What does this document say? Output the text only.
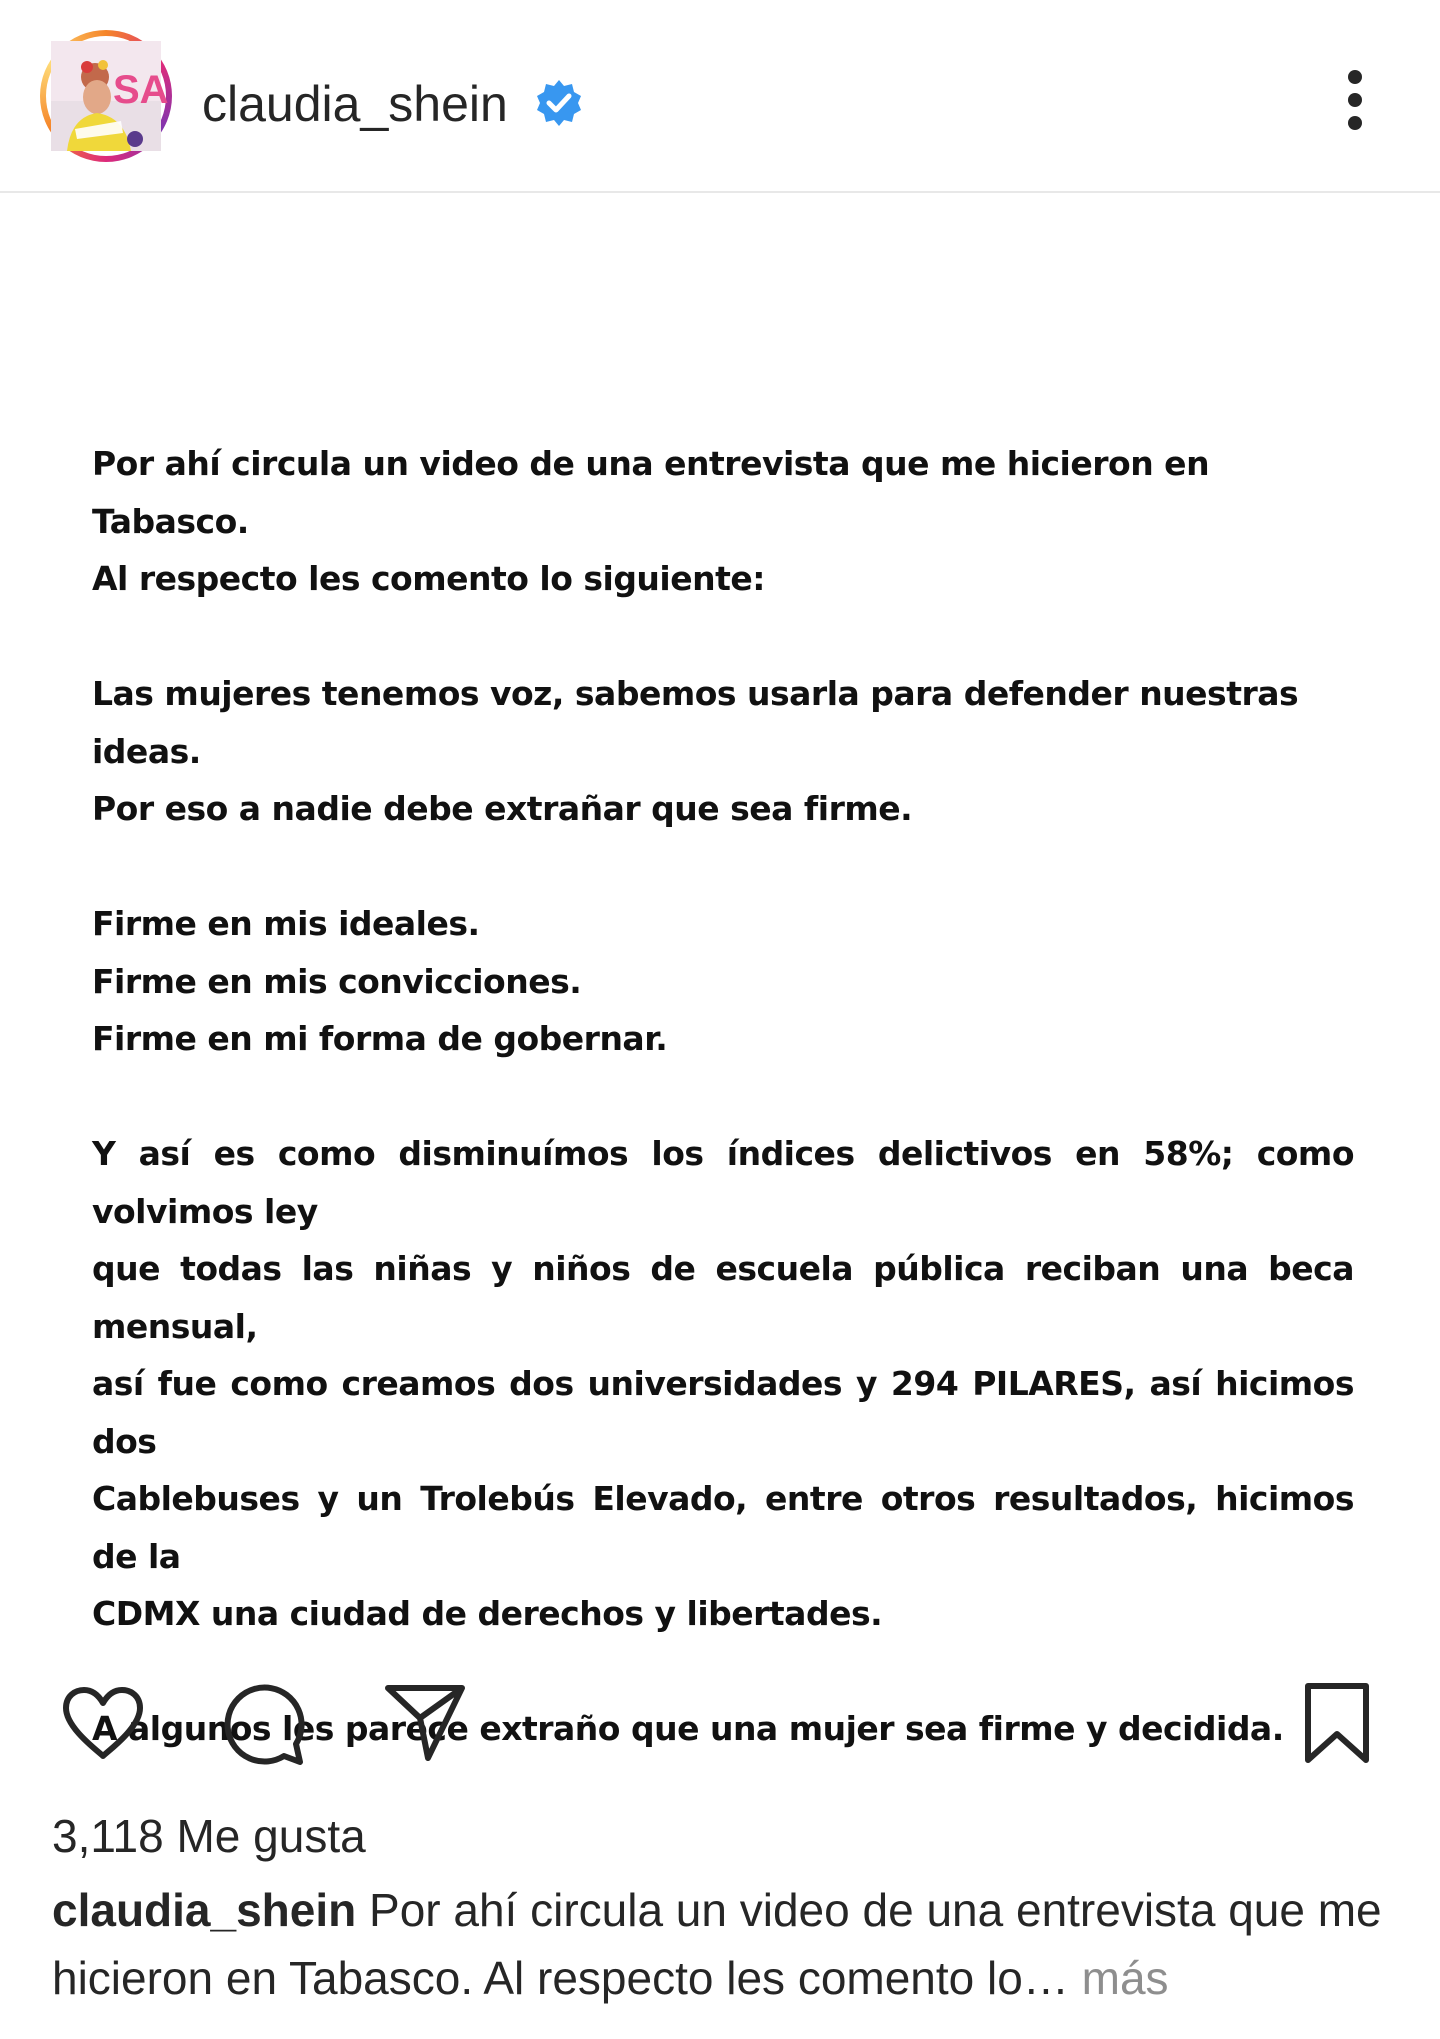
SA claudia_shein

Por ahí circula un video de una entrevista que me hicieron en Tabasco.

Al respecto les comento lo siguiente:

Las mujeres tenemos voz, sabemos usarla para defender nuestras ideas.

Por eso a nadie debe extrañar que sea firme.

Firme en mis ideales.

Firme en mis convicciones.

Firme en mi forma de gobernar.

Y así es como disminuímos los índices delictivos en 58%; como volvimos ley

que todas las niñas y niños de escuela pública reciban una beca mensual,

así fue como creamos dos universidades y 294 PILARES, así hicimos dos

Cablebuses y un Trolebús Elevado, entre otros resultados, hicimos de la

CDMX una ciudad de derechos y libertades.

A algunos les parece extraño que una mujer sea firme y decidida.

3,118 Me gusta
claudia_shein Por ahí circula un video de una entrevista que me hicieron en Tabasco. Al respecto les comento lo… más
